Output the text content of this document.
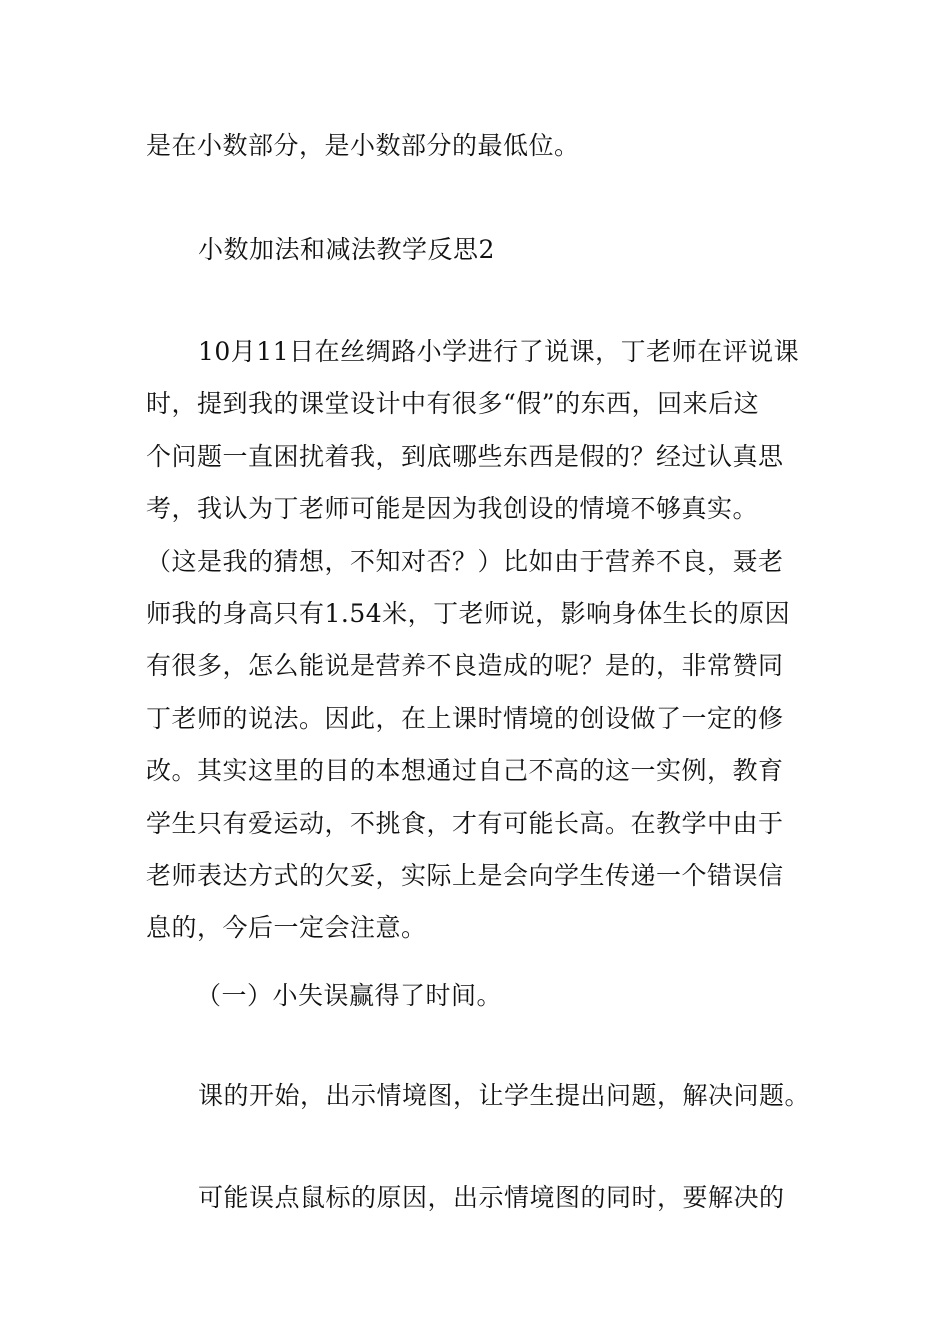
是在小数部分，是小数部分的最低位。
小数加法和减法教学反思2
10月11日在丝绸路小学进行了说课，丁老师在评说课
时，提到我的课堂设计中有很多“假”的东西，回来后这
个问题一直困扰着我，到底哪些东西是假的？经过认真思
考，我认为丁老师可能是因为我创设的情境不够真实。
（这是我的猜想，不知对否？）比如由于营养不良，聂老
师我的身高只有1.54米，丁老师说，影响身体生长的原因
有很多，怎么能说是营养不良造成的呢？是的，非常赞同
丁老师的说法。因此，在上课时情境的创设做了一定的修
改。其实这里的目的本想通过自己不高的这一实例，教育
学生只有爱运动，不挑食，才有可能长高。在教学中由于
老师表达方式的欠妥，实际上是会向学生传递一个错误信
息的，今后一定会注意。
（一）小失误赢得了时间。
课的开始，出示情境图，让学生提出问题，解决问题。
可能误点鼠标的原因，出示情境图的同时，要解决的
